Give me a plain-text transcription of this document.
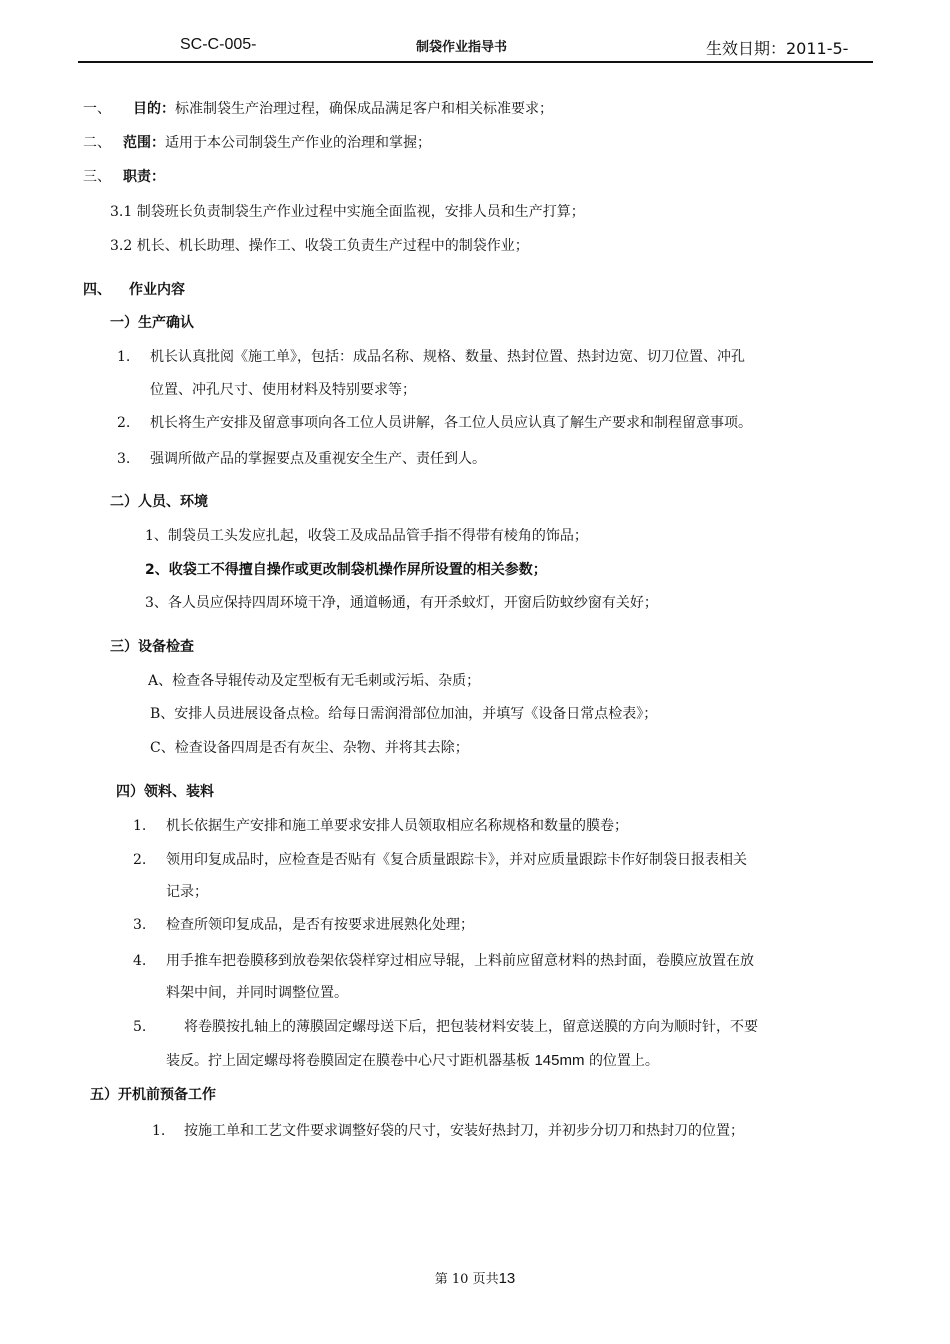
SC-C-005-	制袋作业指导书	生效日期：2011-5-
一、 目的：标准制袋生产治理过程，确保成品满足客户和相关标准要求；
二、 范围：适用于本公司制袋生产作业的治理和掌握；
三、 职责：
3.1 制袋班长负责制袋生产作业过程中实施全面监视，安排人员和生产打算；
3.2 机长、机长助理、操作工、收袋工负责生产过程中的制袋作业；
四、 作业内容
一）生产确认
1. 机长认真批阅《施工单》，包括：成品名称、规格、数量、热封位置、热封边宽、切刀位置、冲孔
位置、冲孔尺寸、使用材料及特别要求等；
2. 机长将生产安排及留意事项向各工位人员讲解，各工位人员应认真了解生产要求和制程留意事项。
3. 强调所做产品的掌握要点及重视安全生产、责任到人。
二）人员、环境
1、制袋员工头发应扎起，收袋工及成品品管手指不得带有棱角的饰品；
2、收袋工不得擅自操作或更改制袋机操作屏所设置的相关参数；
3、各人员应保持四周环境干净，通道畅通，有开杀蚊灯，开窗后防蚊纱窗有关好；
三）设备检查
A、检查各导辊传动及定型板有无毛刺或污垢、杂质；
B、安排人员进展设备点检。给每日需润滑部位加油，并填写《设备日常点检表》；
C、检查设备四周是否有灰尘、杂物、并将其去除；
四）领料、装料
1. 机长依据生产安排和施工单要求安排人员领取相应名称规格和数量的膜卷；
2. 领用印复成品时，应检查是否贴有《复合质量跟踪卡》，并对应质量跟踪卡作好制袋日报表相关
记录；
3. 检查所领印复成品，是否有按要求进展熟化处理；
4. 用手推车把卷膜移到放卷架依袋样穿过相应导辊，上料前应留意材料的热封面，卷膜应放置在放
料架中间，并同时调整位置。
5.	将卷膜按扎轴上的薄膜固定螺母送下后，把包装材料安装上，留意送膜的方向为顺时针，不要
装反。拧上固定螺母将卷膜固定在膜卷中心尺寸距机器基板 145mm 的位置上。
五）开机前预备工作
1. 按施工单和工艺文件要求调整好袋的尺寸，安装好热封刀，并初步分切刀和热封刀的位置；
第 10 页共13
